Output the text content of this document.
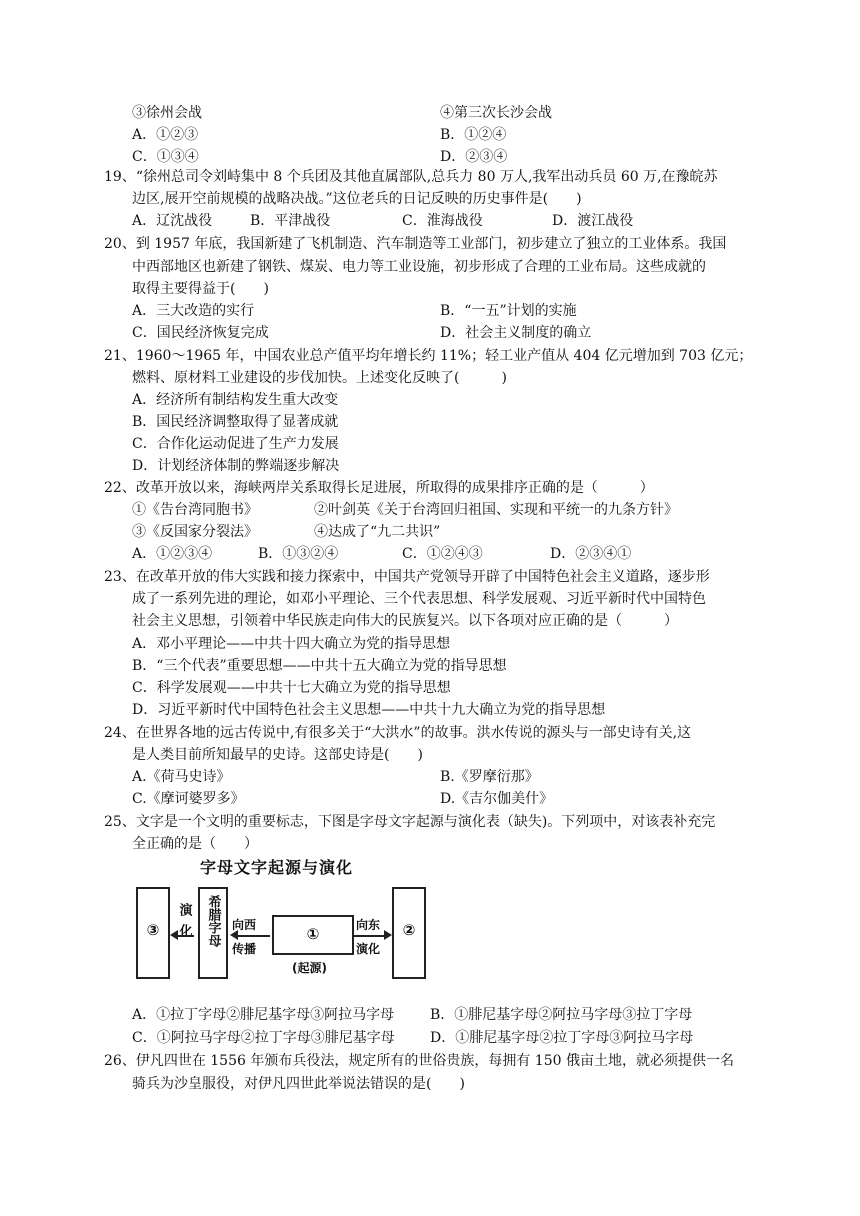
③徐州会战	④第三次长沙会战
A．①②③	B．①②④
C．①③④	D．②③④
19、“徐州总司令刘峙集中 8 个兵团及其他直属部队,总兵力 80 万人,我军出动兵员 60 万,在豫皖苏
边区,展开空前规模的战略决战。”这位老兵的日记反映的历史事件是(　　)
A．辽沈战役	B．平津战役	C．淮海战役	D．渡江战役
20、到 1957 年底，我国新建了飞机制造、汽车制造等工业部门，初步建立了独立的工业体系。我国
中西部地区也新建了钢铁、煤炭、电力等工业设施，初步形成了合理的工业布局。这些成就的
取得主要得益于(　　)
A．三大改造的实行	B．“一五”计划的实施
C．国民经济恢复完成	D．社会主义制度的确立
21、1960～1965 年，中国农业总产值平均年增长约 11%；轻工业产值从 404 亿元增加到 703 亿元；
燃料、原材料工业建设的步伐加快。上述变化反映了(　　　)
A．经济所有制结构发生重大改变
B．国民经济调整取得了显著成就
C．合作化运动促进了生产力发展
D．计划经济体制的弊端逐步解决
22、改革开放以来，海峡两岸关系取得长足进展，所取得的成果排序正确的是（　　　）
①《告台湾同胞书》	②叶剑英《关于台湾回归祖国、实现和平统一的九条方针》
③《反国家分裂法》	④达成了“九二共识”
A．①②③④	B．①③②④	C．①②④③	D．②③④①
23、在改革开放的伟大实践和接力探索中，中国共产党领导开辟了中国特色社会主义道路，逐步形
成了一系列先进的理论，如邓小平理论、三个代表思想、科学发展观、习近平新时代中国特色
社会主义思想，引领着中华民族走向伟大的民族复兴。以下各项对应正确的是（　　　）
A．邓小平理论——中共十四大确立为党的指导思想
B．“三个代表”重要思想——中共十五大确立为党的指导思想
C．科学发展观——中共十七大确立为党的指导思想
D．习近平新时代中国特色社会主义思想——中共十九大确立为党的指导思想
24、在世界各地的远古传说中,有很多关于“大洪水”的故事。洪水传说的源头与一部史诗有关,这
是人类目前所知最早的史诗。这部史诗是(　　)
A.《荷马史诗》	B.《罗摩衍那》
C.《摩诃婆罗多》	D.《吉尔伽美什》
25、文字是一个文明的重要标志，下图是字母文字起源与演化表（缺失)。下列项中，对该表补充完
全正确的是（　　）
字母文字起源与演化
③	演化	希腊字母 向西传播
①
(起源)
向东演化
②
A．①拉丁字母②腓尼基字母③阿拉马字母	B．①腓尼基字母②阿拉马字母③拉丁字母
C．①阿拉马字母②拉丁字母③腓尼基字母	D．①腓尼基字母②拉丁字母③阿拉马字母
26、伊凡四世在 1556 年颁布兵役法，规定所有的世俗贵族，每拥有 150 俄亩土地，就必须提供一名
骑兵为沙皇服役，对伊凡四世此举说法错误的是(　　)
